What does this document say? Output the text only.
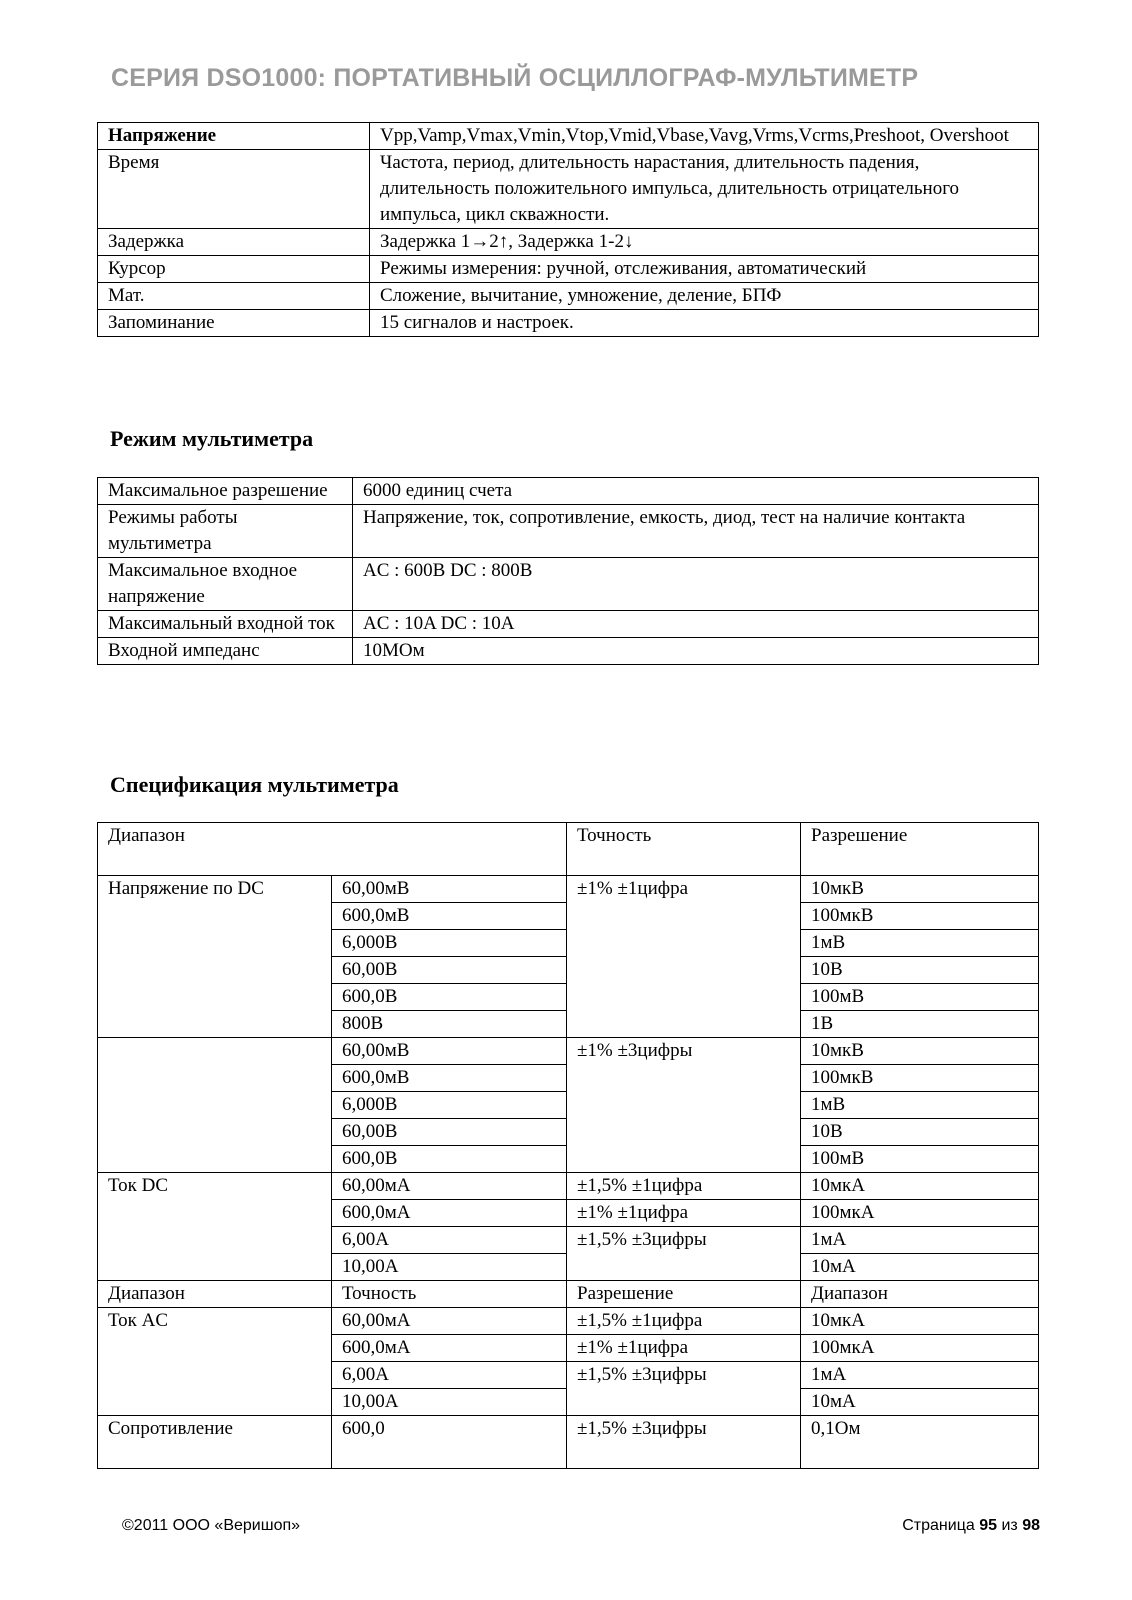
СЕРИЯ DSO1000: ПОРТАТИВНЫЙ ОСЦИЛЛОГРАФ-МУЛЬТИМЕТР
Напряжение	Vpp,Vamp,Vmax,Vmin,Vtop,Vmid,Vbase,Vavg,Vrms,Vcrms,Preshoot, Overshoot
Время	Частота, период, длительность нарастания, длительность падения, длительность положительного импульса, длительность отрицательного импульса, цикл скважности.
Задержка	Задержка 1→2↑, Задержка 1-2↓
Курсор	Режимы измерения: ручной, отслеживания, автоматический
Мат.	Сложение, вычитание, умножение, деление, БПФ
Запоминание	15 сигналов и настроек.
Режим мультиметра
Максимальное разрешение	6000 единиц счета
Режимы работы мультиметра	Напряжение, ток, сопротивление, емкость, диод, тест на наличие контакта
Максимальное входное напряжение	AC : 600В DC : 800В
Максимальный входной ток	AC : 10A DC : 10A
Входной импеданс	10МОм
Спецификация мультиметра
Диапазон		Точность	Разрешение
Напряжение по DC	60,00мВ	±1% ±1цифра	10мкВ
	600,0мВ		100мкВ
	6,000В		1мВ
	60,00В		10В
	600,0В		100мВ
	800В		1В
	60,00мВ	±1% ±3цифры	10мкВ
	600,0мВ		100мкВ
	6,000В		1мВ
	60,00В		10В
	600,0В		100мВ
Ток DC	60,00мА	±1,5% ±1цифра	10мкА
	600,0мА	±1% ±1цифра	100мкА
	6,00А	±1,5% ±3цифры	1мА
	10,00А		10мА
Диапазон	Точность	Разрешение	Диапазон
Ток AC	60,00мА	±1,5% ±1цифра	10мкА
	600,0мА	±1% ±1цифра	100мкА
	6,00А	±1,5% ±3цифры	1мА
	10,00А		10мА
Сопротивление	600,0	±1,5% ±3цифры	0,1Ом
©2011 ООО «Веришоп»	Страница 95 из 98
